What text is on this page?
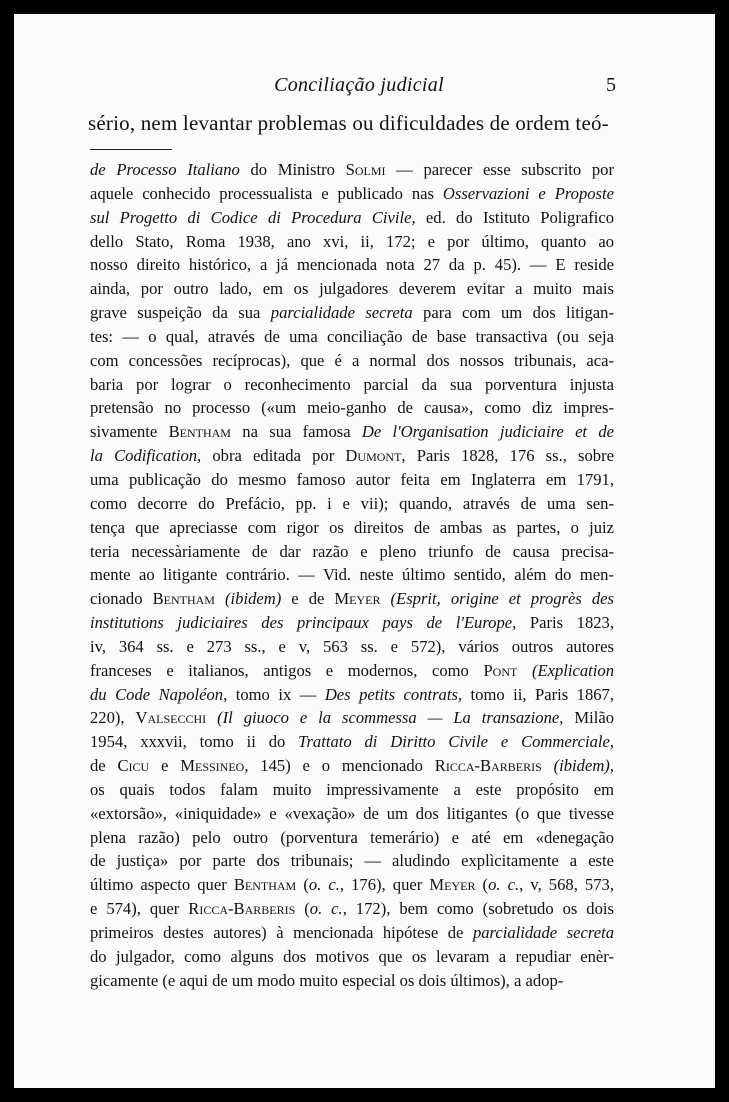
Conciliação judicial	5
sério, nem levantar problemas ou dificuldades de ordem teó-
de Processo Italiano do Ministro Solmi — parecer esse subscrito por
aquele conhecido processualista e publicado nas Osservazioni e Proposte
sul Progetto di Codice di Procedura Civile, ed. do Istituto Poligrafico
dello Stato, Roma 1938, ano xvi, ii, 172; e por último, quanto ao
nosso direito histórico, a já mencionada nota 27 da p. 45). — E reside
ainda, por outro lado, em os julgadores deverem evitar a muito mais
grave suspeição da sua parcialidade secreta para com um dos litigan-
tes: — o qual, através de uma conciliação de base transactiva (ou seja
com concessões recíprocas), que é a normal dos nossos tribunais, aca-
baria por lograr o reconhecimento parcial da sua porventura injusta
pretensão no processo («um meio-ganho de causa», como diz impres-
sivamente Bentham na sua famosa De l'Organisation judiciaire et de
la Codification, obra editada por Dumont, Paris 1828, 176 ss., sobre
uma publicação do mesmo famoso autor feita em Inglaterra em 1791,
como decorre do Prefácio, pp. i e vii); quando, através de uma sen-
tença que apreciasse com rigor os direitos de ambas as partes, o juiz
teria necessàriamente de dar razão e pleno triunfo de causa precisa-
mente ao litigante contrário. — Vid. neste último sentido, além do men-
cionado Bentham (ibidem) e de Meyer (Esprit, origine et progrès des
institutions judiciaires des principaux pays de l'Europe, Paris 1823,
iv, 364 ss. e 273 ss., e v, 563 ss. e 572), vários outros autores
franceses e italianos, antigos e modernos, como Pont (Explication
du Code Napoléon, tomo ix — Des petits contrats, tomo ii, Paris 1867,
220), Valsecchi (Il giuoco e la scommessa — La transazione, Milão
1954, xxxvii, tomo ii do Trattato di Diritto Civile e Commerciale,
de Cicu e Messineo, 145) e o mencionado Ricca-Barberis (ibidem),
os quais todos falam muito impressivamente a este propósito em
«extorsão», «iniquidade» e «vexação» de um dos litigantes (o que tivesse
plena razão) pelo outro (porventura temerário) e até em «denegação
de justiça» por parte dos tribunais; — aludindo explìcitamente a este
último aspecto quer Bentham (o. c., 176), quer Meyer (o. c., v, 568, 573,
e 574), quer Ricca-Barberis (o. c., 172), bem como (sobretudo os dois
primeiros destes autores) à mencionada hipótese de parcialidade secreta
do julgador, como alguns dos motivos que os levaram a repudiar enèr-
gicamente (e aqui de um modo muito especial os dois últimos), a adop-
